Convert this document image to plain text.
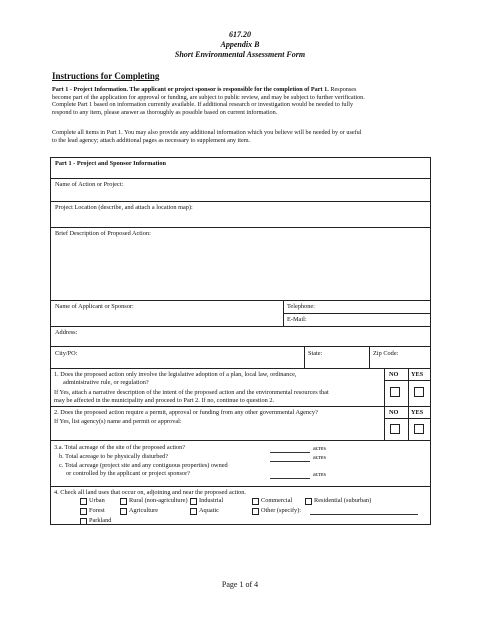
617.20
Appendix B
Short Environmental Assessment Form
Instructions for Completing
Part 1 - Project Information. The applicant or project sponsor is responsible for the completion of Part 1. Responses
become part of the application for approval or funding, are subject to public review, and may be subject to further verification.
Complete Part 1 based on information currently available. If additional research or investigation would be needed to fully
respond to any item, please answer as thoroughly as possible based on current information.
Complete all items in Part 1. You may also provide any additional information which you believe will be needed by or useful
to the lead agency; attach additional pages as necessary to supplement any item.
Part 1 - Project and Sponsor Information
Name of Action or Project:
Project Location (describe, and attach a location map):
Brief Description of Proposed Action:
Name of Applicant or Sponsor:	Telephone:
E-Mail:
Address:
City/PO:	State:	Zip Code:
1. Does the proposed action only involve the legislative adoption of a plan, local law, ordinance,
administrative rule, or regulation?
If Yes, attach a narrative description of the intent of the proposed action and the environmental resources that
may be affected in the municipality and proceed to Part 2. If no, continue to question 2.
NO YES
2. Does the proposed action require a permit, approval or funding from any other governmental Agency?
If Yes, list agency(s) name and permit or approval:
NO YES
3.a. Total acreage of the site of the proposed action?
b. Total acreage to be physically disturbed?
c. Total acreage (project site and any contiguous properties) owned
or controlled by the applicant or project sponsor?
acres
acres
acres
4. Check all land uses that occur on, adjoining and near the proposed action.
Urban	Rural (non-agriculture) Industrial	Commercial	Residential (suburban)
Forest	Agriculture	Aquatic	Other (specify):
Parkland
Page 1 of 4
